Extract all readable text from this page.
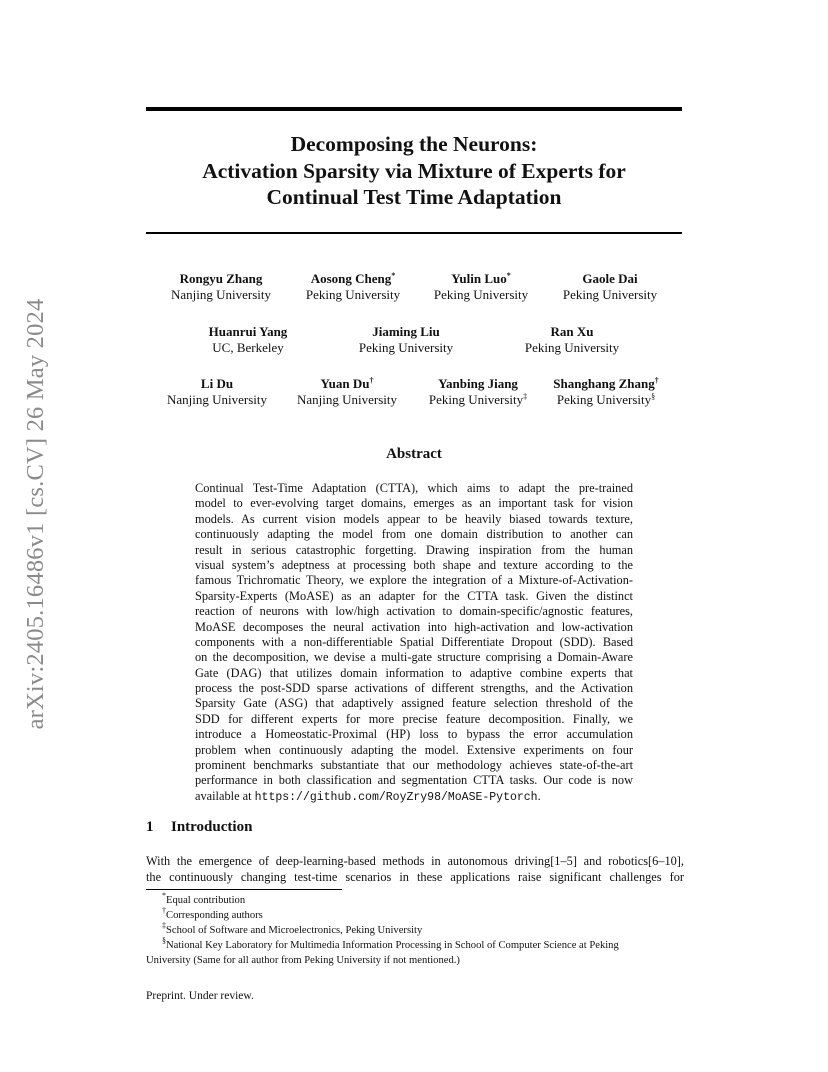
arXiv:2405.16486v1 [cs.CV] 26 May 2024
Decomposing the Neurons:
Activation Sparsity via Mixture of Experts for
Continual Test Time Adaptation
Rongyu Zhang
Nanjing University
Aosong Cheng*
Peking University
Yulin Luo*
Peking University
Gaole Dai
Peking University
Huanrui Yang
UC, Berkeley
Jiaming Liu
Peking University
Ran Xu
Peking University
Li Du
Nanjing University
Yuan Du†
Nanjing University
Yanbing Jiang
Peking University‡
Shanghang Zhang†
Peking University§
Abstract
Continual Test-Time Adaptation (CTTA), which aims to adapt the pre-trained
model to ever-evolving target domains, emerges as an important task for vision
models. As current vision models appear to be heavily biased towards texture,
continuously adapting the model from one domain distribution to another can
result in serious catastrophic forgetting. Drawing inspiration from the human
visual system’s adeptness at processing both shape and texture according to the
famous Trichromatic Theory, we explore the integration of a Mixture-of-Activation-
Sparsity-Experts (MoASE) as an adapter for the CTTA task. Given the distinct
reaction of neurons with low/high activation to domain-specific/agnostic features,
MoASE decomposes the neural activation into high-activation and low-activation
components with a non-differentiable Spatial Differentiate Dropout (SDD). Based
on the decomposition, we devise a multi-gate structure comprising a Domain-Aware
Gate (DAG) that utilizes domain information to adaptive combine experts that
process the post-SDD sparse activations of different strengths, and the Activation
Sparsity Gate (ASG) that adaptively assigned feature selection threshold of the
SDD for different experts for more precise feature decomposition. Finally, we
introduce a Homeostatic-Proximal (HP) loss to bypass the error accumulation
problem when continuously adapting the model. Extensive experiments on four
prominent benchmarks substantiate that our methodology achieves state-of-the-art
performance in both classification and segmentation CTTA tasks. Our code is now
available at https://github.com/RoyZry98/MoASE-Pytorch.
1 Introduction
With the emergence of deep-learning-based methods in autonomous driving[1–5] and robotics[6–10],
the continuously changing test-time scenarios in these applications raise significant challenges for
*Equal contribution
†Corresponding authors
‡School of Software and Microelectronics, Peking University
§National Key Laboratory for Multimedia Information Processing in School of Computer Science at Peking
University (Same for all author from Peking University if not mentioned.)
Preprint. Under review.
